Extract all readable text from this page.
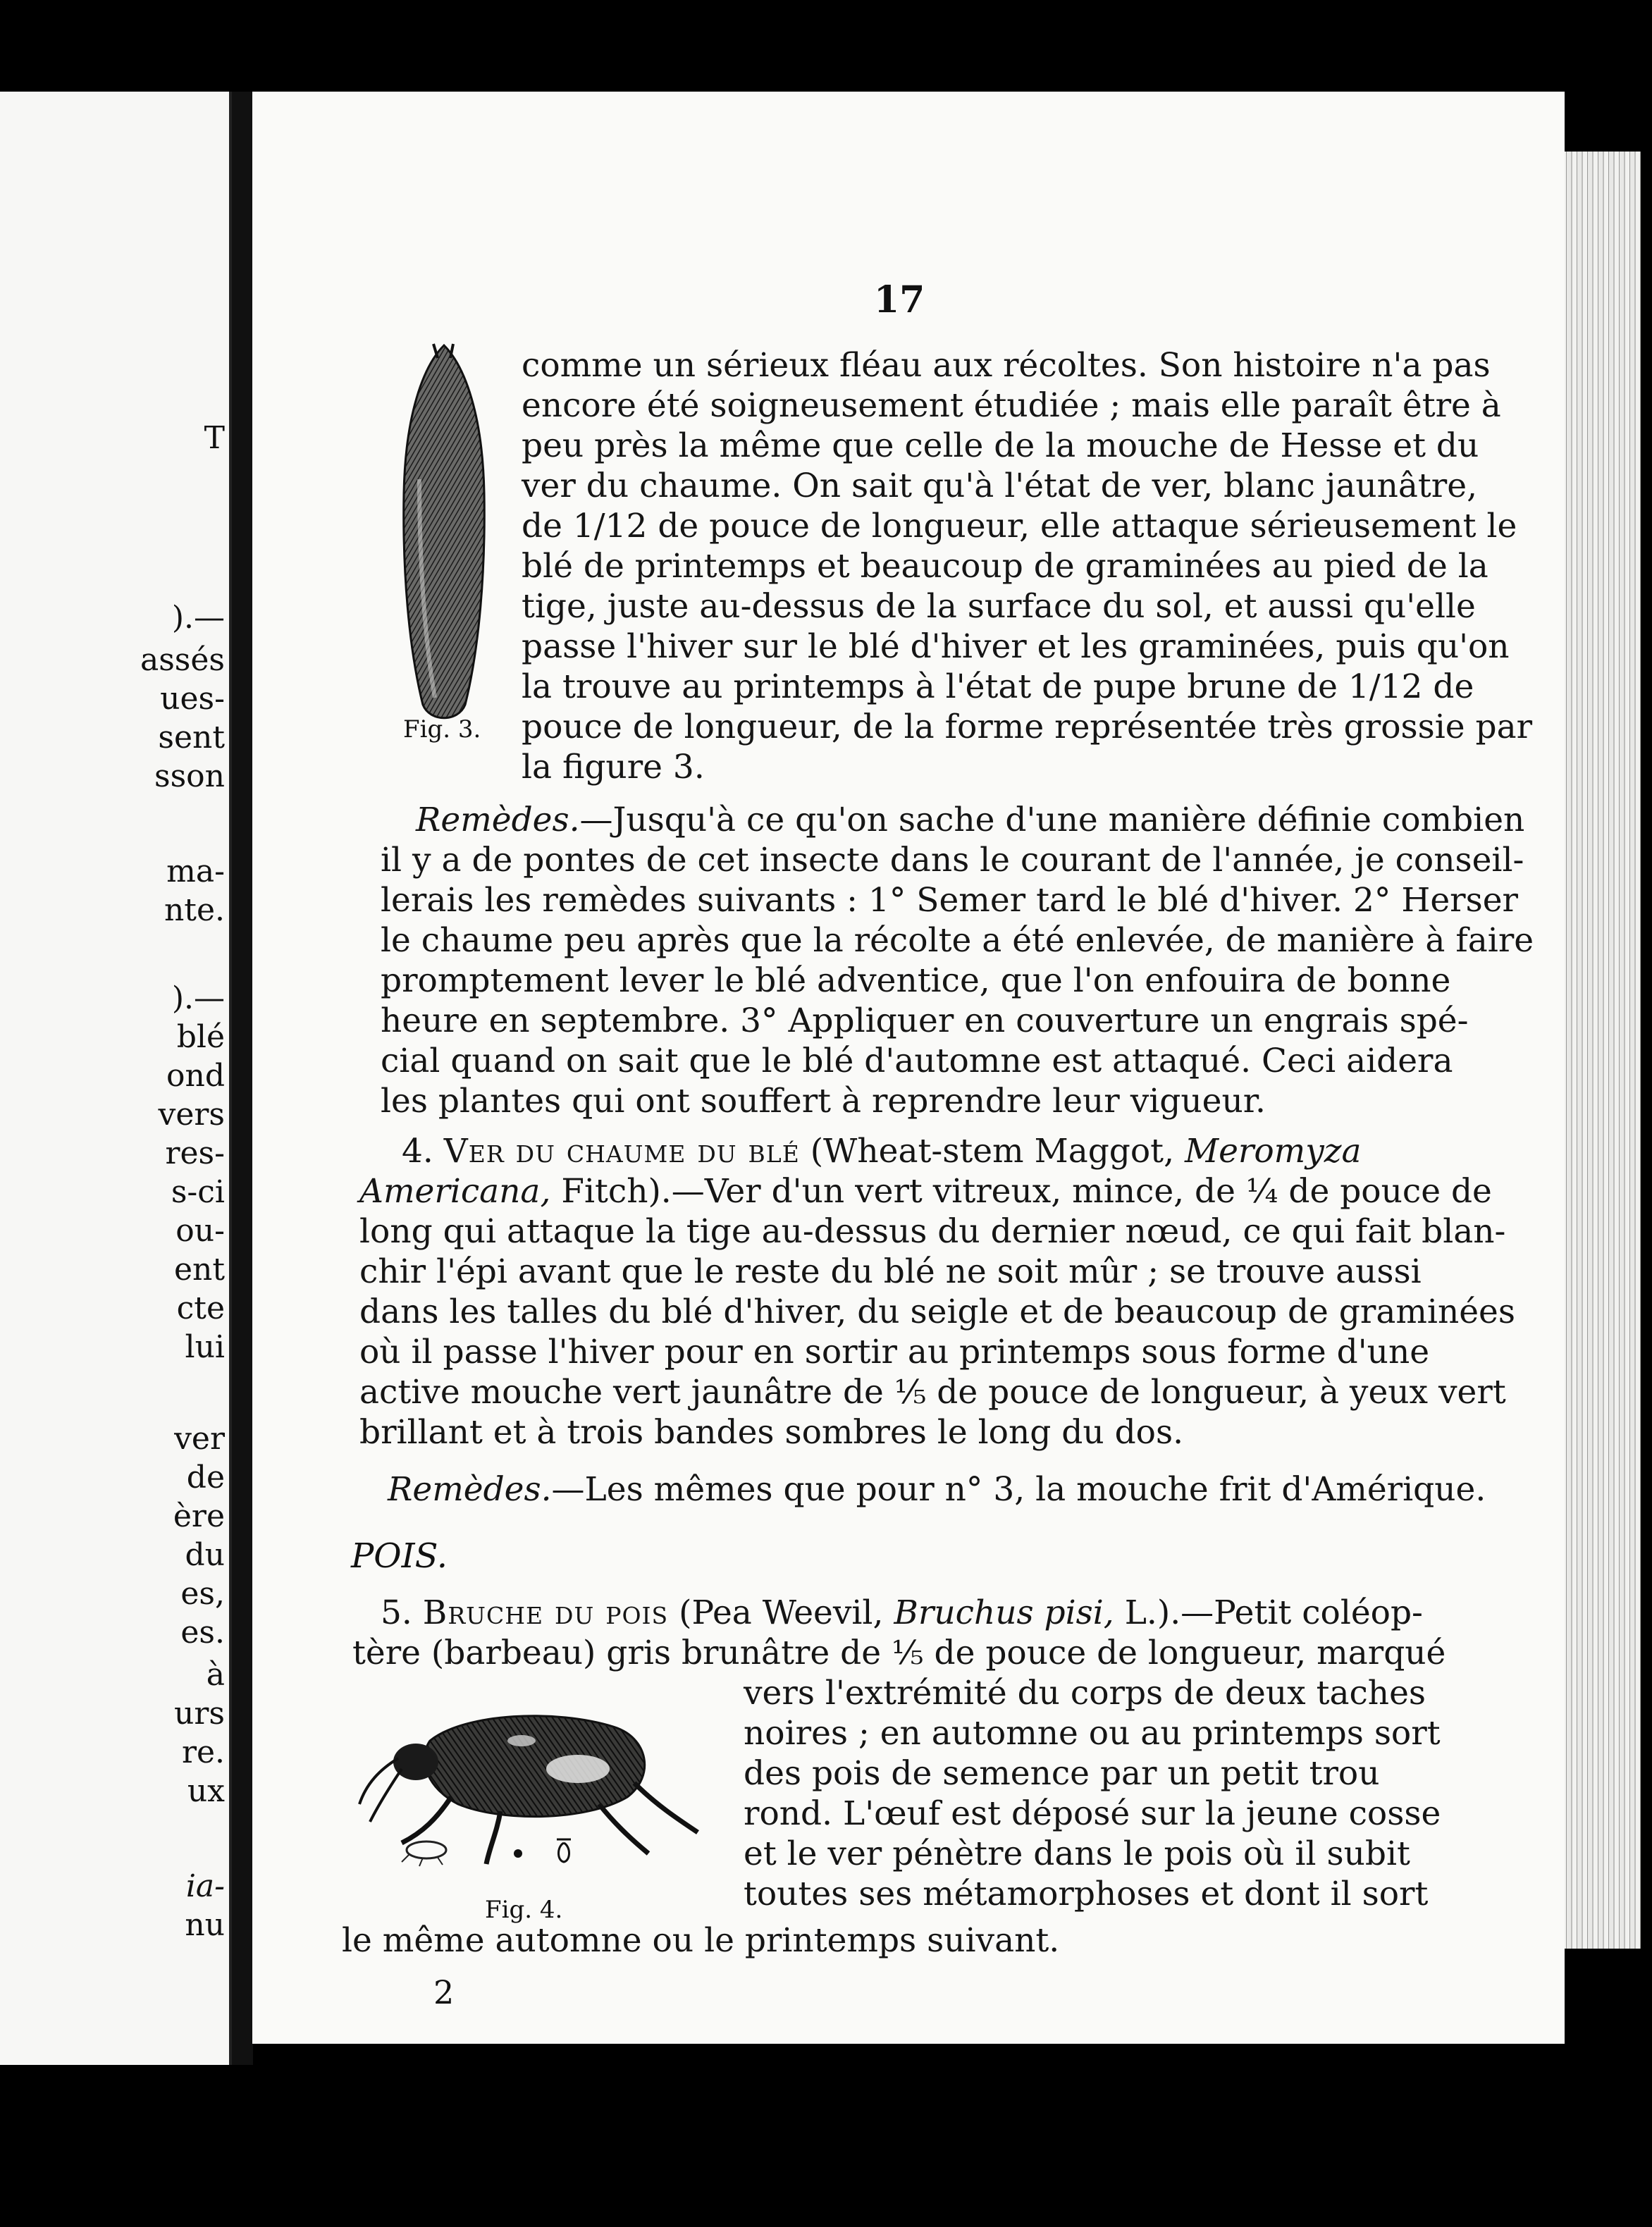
T
).—
assés
ues-
sent
sson
ma-
nte.
).—
blé
ond
vers
res-
s-ci
ou-
ent
cte
lui
ver
de
ère
du
es,
es.
à
urs
re.
ux
ia-
nu
17
Fig. 3.
comme un sérieux fléau aux récoltes. Son histoire n'a pas
encore été soigneusement étudiée ; mais elle paraît être à
peu près la même que celle de la mouche de Hesse et du
ver du chaume. On sait qu'à l'état de ver, blanc jaunâtre,
de 1/12 de pouce de longueur, elle attaque sérieusement le
blé de printemps et beaucoup de graminées au pied de la
tige, juste au-dessus de la surface du sol, et aussi qu'elle
passe l'hiver sur le blé d'hiver et les graminées, puis qu'on
la trouve au printemps à l'état de pupe brune de 1/12 de
pouce de longueur, de la forme représentée très grossie par
la figure 3.
Remèdes.—Jusqu'à ce qu'on sache d'une manière définie combien
il y a de pontes de cet insecte dans le courant de l'année, je conseil-
lerais les remèdes suivants : 1° Semer tard le blé d'hiver. 2° Herser
le chaume peu après que la récolte a été enlevée, de manière à faire
promptement lever le blé adventice, que l'on enfouira de bonne
heure en septembre. 3° Appliquer en couverture un engrais spé-
cial quand on sait que le blé d'automne est attaqué. Ceci aidera
les plantes qui ont souffert à reprendre leur vigueur.
4. Ver du chaume du blé (Wheat-stem Maggot, Meromyza
Americana, Fitch).—Ver d'un vert vitreux, mince, de ¼ de pouce de
long qui attaque la tige au-dessus du dernier nœud, ce qui fait blan-
chir l'épi avant que le reste du blé ne soit mûr ; se trouve aussi
dans les talles du blé d'hiver, du seigle et de beaucoup de graminées
où il passe l'hiver pour en sortir au printemps sous forme d'une
active mouche vert jaunâtre de ⅕ de pouce de longueur, à yeux vert
brillant et à trois bandes sombres le long du dos.
Remèdes.—Les mêmes que pour n° 3, la mouche frit d'Amérique.
POIS.
5. Bruche du pois (Pea Weevil, Bruchus pisi, L.).—Petit coléop-
tère (barbeau) gris brunâtre de ⅕ de pouce de longueur, marqué
vers l'extrémité du corps de deux taches
noires ; en automne ou au printemps sort
des pois de semence par un petit trou
rond. L'œuf est déposé sur la jeune cosse
et le ver pénètre dans le pois où il subit
toutes ses métamorphoses et dont il sort
le même automne ou le printemps suivant.
Fig. 4.
2
